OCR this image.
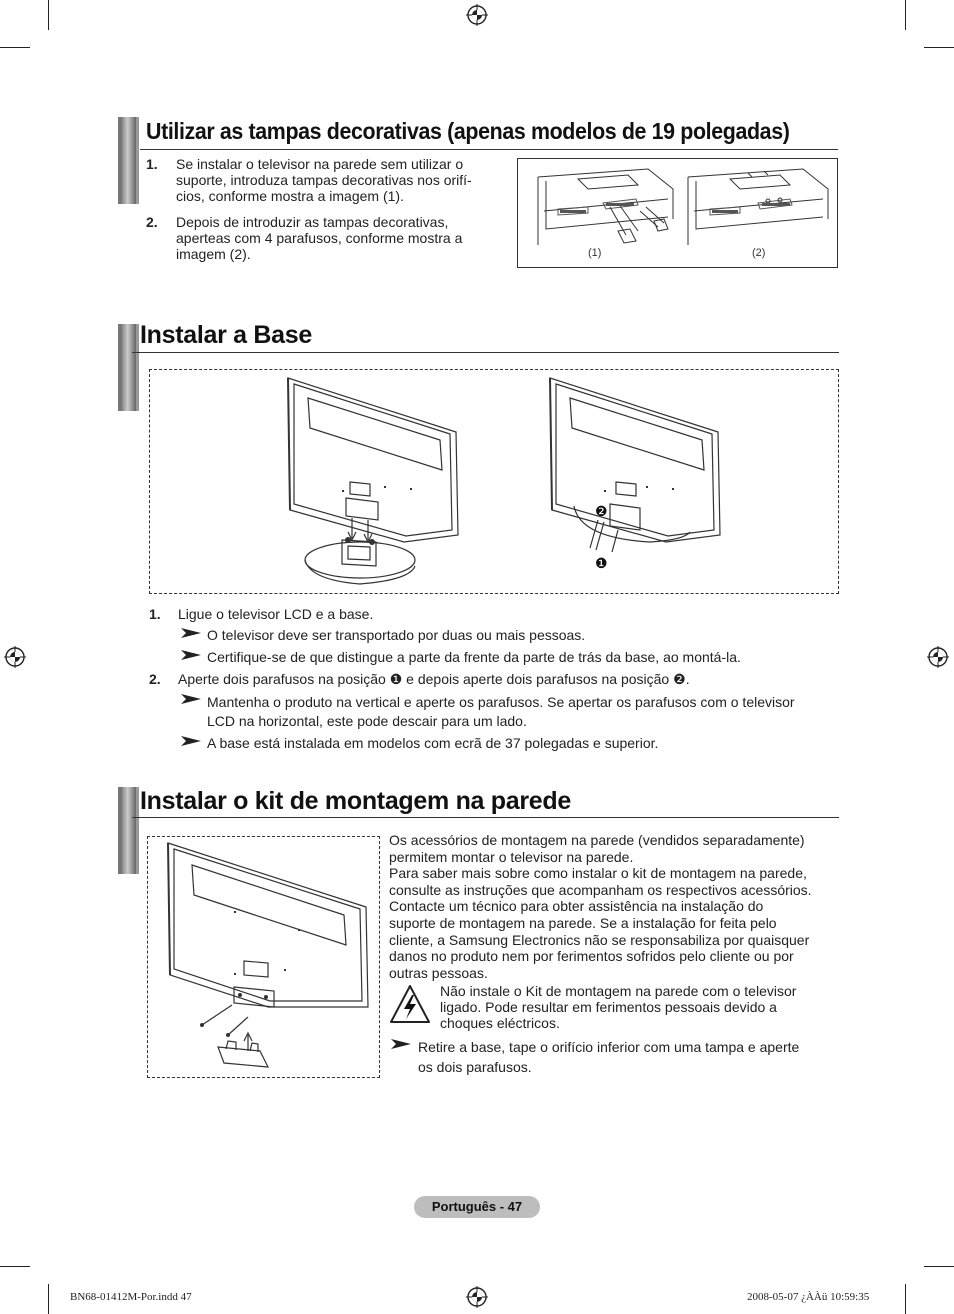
Utilizar as tampas decorativas (apenas modelos de 19 polegadas)
1. Se instalar o televisor na parede sem utilizar o
suporte, introduza tampas decorativas nos orifí-
cios, conforme mostra a imagem (1).
2. Depois de introduzir as tampas decorativas,
aperteas com 4 parafusos, conforme mostra a
imagem (2).	(1)	(2)
Instalar a Base
❷
❶
1. Ligue o televisor LCD e a base.
O televisor deve ser transportado por duas ou mais pessoas.
Certifique-se de que distingue a parte da frente da parte de trás da base, ao montá-la.
2. Aperte dois parafusos na posição ❶ e depois aperte dois parafusos na posição ❷.
Mantenha o produto na vertical e aperte os parafusos. Se apertar os parafusos com o televisor
LCD na horizontal, este pode descair para um lado.
A base está instalada em modelos com ecrã de 37 polegadas e superior.
Instalar o kit de montagem na parede
Os acessórios de montagem na parede (vendidos separadamente)
permitem montar o televisor na parede.
Para saber mais sobre como instalar o kit de montagem na parede,
consulte as instruções que acompanham os respectivos acessórios.
Contacte um técnico para obter assistência na instalação do
suporte de montagem na parede. Se a instalação for feita pelo
cliente, a Samsung Electronics não se responsabiliza por quaisquer
danos no produto nem por ferimentos sofridos pelo cliente ou por
outras pessoas.
Não instale o Kit de montagem na parede com o televisor
ligado. Pode resultar em ferimentos pessoais devido a
choques eléctricos.
Retire a base, tape o orifício inferior com uma tampa e aperte
os dois parafusos.
Português - 47
BN68-01412M-Por.indd 47	2008-05-07 ¿ÀÀü 10:59:35
